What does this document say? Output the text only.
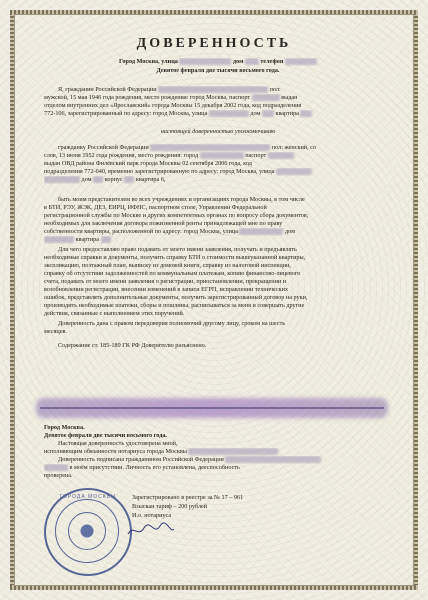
ДОВЕРЕННОСТЬ
Город Москва, улица	дом	телефон
Девятое февраля две тысячи восьмого года.
Я, гражданин Российской Федерации	пол:
мужской, 15 мая 1946 года рождения, место рождения: город Москва, паспорт	выдан
отделом внутренних дел «Ярославский» города Москвы 15 декабря 2002 года, код подразделения
772-106, зарегистрированный по адресу: город Москва, улица	дом квартира
настоящей доверенностью уполномочиваю
гражданку Российской Федерации	пол: женский, со
слов, 13 июня 1952 года рождения, место рождения: город	паспорт
выдан ОВД района Филёвский парк города Москвы 02 сентября 2006 года, код
подразделения 772-040, временно зарегистрированную по адресу: город Москва, улица
дом корпус квартира 6,
быть моим представителем во всех учреждениях и организациях города Москвы, в том числе
в БТИ, РЭУ, ЖЭК, ДЕЗ, ЕИРЦ, ИФНС, паспортном столе, Управлении Федеральной
регистрационной службы по Москве и других компетентных органах по вопросу сбора документов,
необходимых для заключения договора пожизненной ренты принадлежащей мне по праву
собственности квартиры, расположенной по адресу: город Москва, улица	дом
квартира
Для чего предоставляю право подавать от моего имени заявления, получать и предъявлять
необходимые справки и документы, получить справку БТИ о стоимости вышеуказанной квартиры,
экспликацию, поэтажный план, выписку из домовой книги, справку из налоговой инспекции,
справку об отсутствии задолженностей по коммунальным платежам, копию финансово-лицевого
счета, подавать от моего имени заявления о регистрации, приостановлении, прекращении и
возобновлении регистрации, внесении изменений в записи ЕГРП, исправлении технических
ошибок, представлять дополнительные документы, получить зарегистрированный договор на руки,
производить необходимые платежи, сборы и пошлины, расписываться за меня и совершать другие
действия, связанные с выполнением этих поручений.
Доверенность дана с правом передоверия полномочий другому лицу, сроком на шесть
месяцев.
Содержание ст. 185-189 ГК РФ Доверителю разъяснено.
Город Москва.
Девятое февраля две тысячи восьмого года.
Настоящая доверенность удостоверена мной,
исполняющим обязанности нотариуса города Москвы
Доверенность подписана гражданином Российской Федерации
в моём присутствии. Личность его установлена, дееспособность
проверена.
ГОРОДА МОСКВЫ	Зарегистрировано в реестре за № 17 – 961
Взыскан тариф – 200 рублей
И.о. нотариуса
